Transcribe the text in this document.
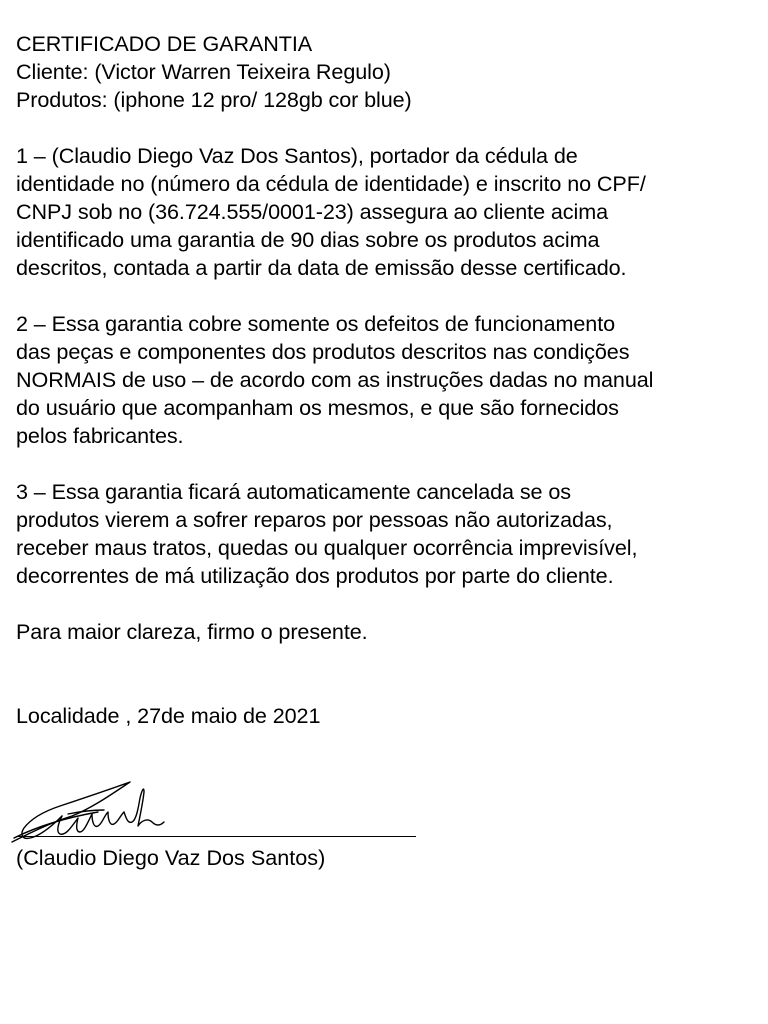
CERTIFICADO DE GARANTIA

Cliente: (Victor Warren Teixeira Regulo)

Produtos: (iphone 12 pro/ 128gb cor blue)

1 – (Claudio Diego Vaz Dos Santos), portador da cédula de

identidade no (número da cédula de identidade) e inscrito no CPF/

CNPJ sob no (36.724.555/0001-23) assegura ao cliente acima

identificado uma garantia de 90 dias sobre os produtos acima

descritos, contada a partir da data de emissão desse certificado.

2 – Essa garantia cobre somente os defeitos de funcionamento

das peças e componentes dos produtos descritos nas condições

NORMAIS de uso – de acordo com as instruções dadas no manual

do usuário que acompanham os mesmos, e que são fornecidos

pelos fabricantes.

3 – Essa garantia ficará automaticamente cancelada se os

produtos vierem a sofrer reparos por pessoas não autorizadas,

receber maus tratos, quedas ou qualquer ocorrência imprevisível,

decorrentes de má utilização dos produtos por parte do cliente.

Para maior clareza, firmo o presente.

Localidade , 27de maio de 2021

(Claudio Diego Vaz Dos Santos)
